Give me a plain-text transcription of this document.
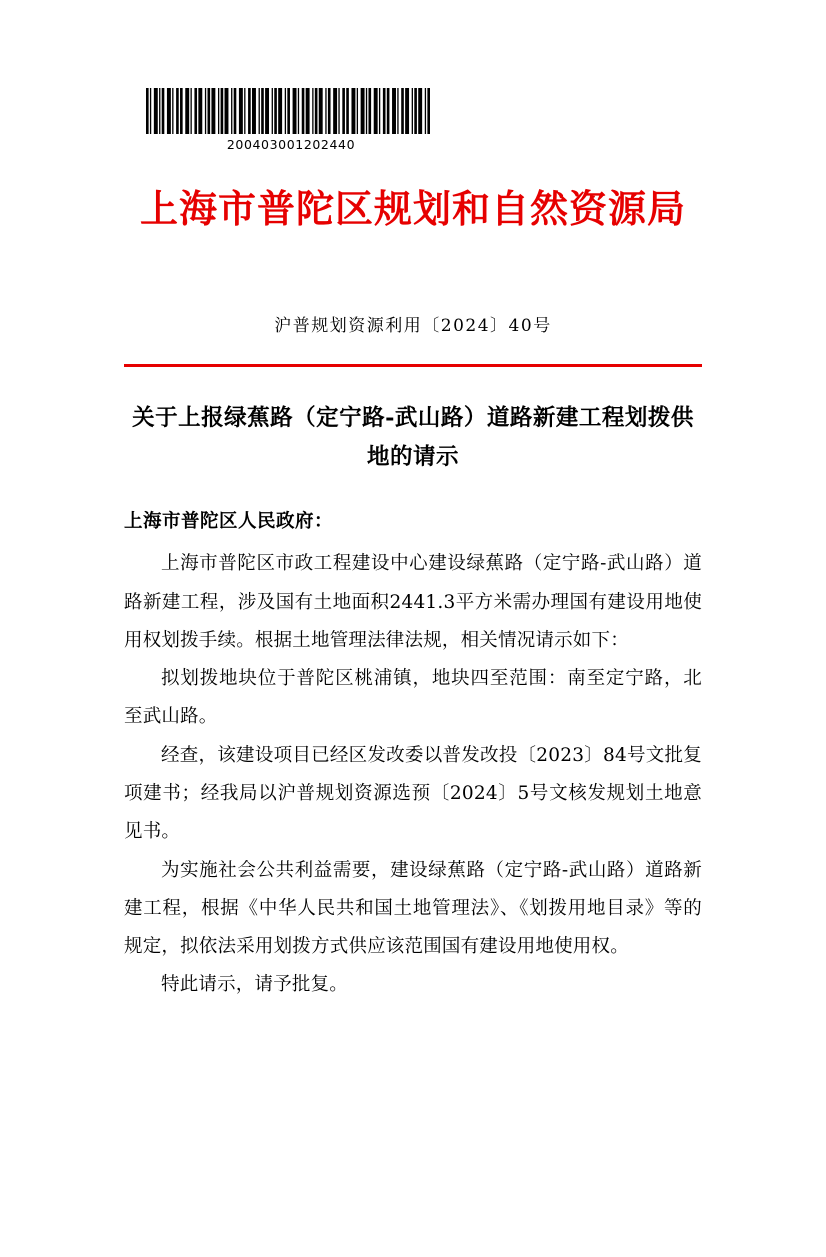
200403001202440
上海市普陀区规划和自然资源局
沪普规划资源利用〔2024〕40号
关于上报绿蕉路（定宁路-武山路）道路新建工程划拨供地的请示
上海市普陀区人民政府：

上海市普陀区市政工程建设中心建设绿蕉路（定宁路-武山路）道路新建工程，涉及国有土地面积2441.3平方米需办理国有建设用地使用权划拨手续。根据土地管理法律法规，相关情况请示如下：

拟划拨地块位于普陀区桃浦镇，地块四至范围：南至定宁路，北至武山路。

经查，该建设项目已经区发改委以普发改投〔2023〕84号文批复项建书；经我局以沪普规划资源选预〔2024〕5号文核发规划土地意见书。

为实施社会公共利益需要，建设绿蕉路（定宁路-武山路）道路新建工程，根据《中华人民共和国土地管理法》、《划拨用地目录》等的规定，拟依法采用划拨方式供应该范围国有建设用地使用权。

特此请示，请予批复。
